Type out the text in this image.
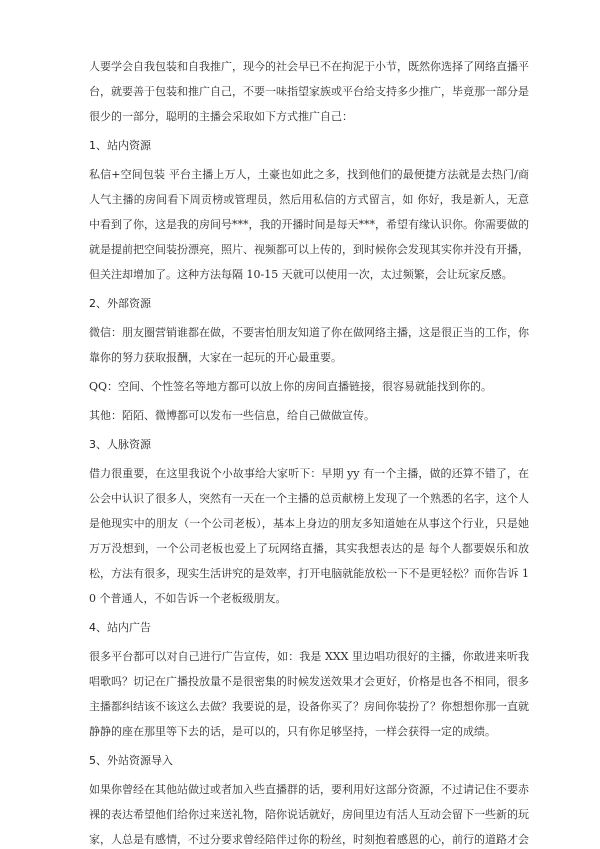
人要学会自我包装和自我推广，现今的社会早已不在拘泥于小节，既然你选择了网络直播平台，就要善于包装和推广自己，不要一味指望家族或平台给支持多少推广，毕竟那一部分是很少的一部分，聪明的主播会采取如下方式推广自己：

1、站内资源

私信+空间包装 平台主播上万人，土豪也如此之多，找到他们的最便捷方法就是去热门/商人气主播的房间看下周贡榜或管理员，然后用私信的方式留言，如 你好，我是新人，无意中看到了你，这是我的房间号***，我的开播时间是每天***，希望有缘认识你。你需要做的就是提前把空间装扮漂亮，照片、视频都可以上传的，到时候你会发现其实你并没有开播，但关注却增加了。这种方法每隔 10-15 天就可以使用一次，太过频繁，会让玩家反感。

2、外部资源

微信：朋友圈营销谁都在做，不要害怕朋友知道了你在做网络主播，这是很正当的工作，你靠你的努力获取报酬，大家在一起玩的开心最重要。

QQ：空间、个性签名等地方都可以放上你的房间直播链接，很容易就能找到你的。

其他：陌陌、微博都可以发布一些信息，给自己做做宣传。

3、人脉资源

借力很重要，在这里我说个小故事给大家听下：早期 yy 有一个主播，做的还算不错了，在公会中认识了很多人，突然有一天在一个主播的总贡献榜上发现了一个熟悉的名字，这个人是他现实中的朋友（一个公司老板），基本上身边的朋友多知道她在从事这个行业，只是她万万没想到，一个公司老板也爱上了玩网络直播，其实我想表达的是 每个人都要娱乐和放松，方法有很多，现实生活讲究的是效率，打开电脑就能放松一下不是更轻松？而你告诉 10 个普通人，不如告诉一个老板级朋友。

4、站内广告

很多平台都可以对自己进行广告宣传，如：我是 XXX 里边唱功很好的主播，你敢进来听我唱歌吗？切记在广播投放量不是很密集的时候发送效果才会更好，价格是也各不相同，很多主播都纠结该不该这么去做？我要说的是，设备你买了？房间你装扮了？你想想你那一直就静静的座在那里等下去的话，是可以的，只有你足够坚持，一样会获得一定的成绩。

5、外站资源导入

如果你曾经在其他站做过或者加入些直播群的话，要利用好这部分资源，不过请记住不要赤裸的表达希望他们给你过来送礼物，陪你说话就好，房间里边有活人互动会留下一些新的玩家，人总是有感情，不过分要求曾经陪伴过你的粉丝，时刻抱着感恩的心，前行的道路才会
